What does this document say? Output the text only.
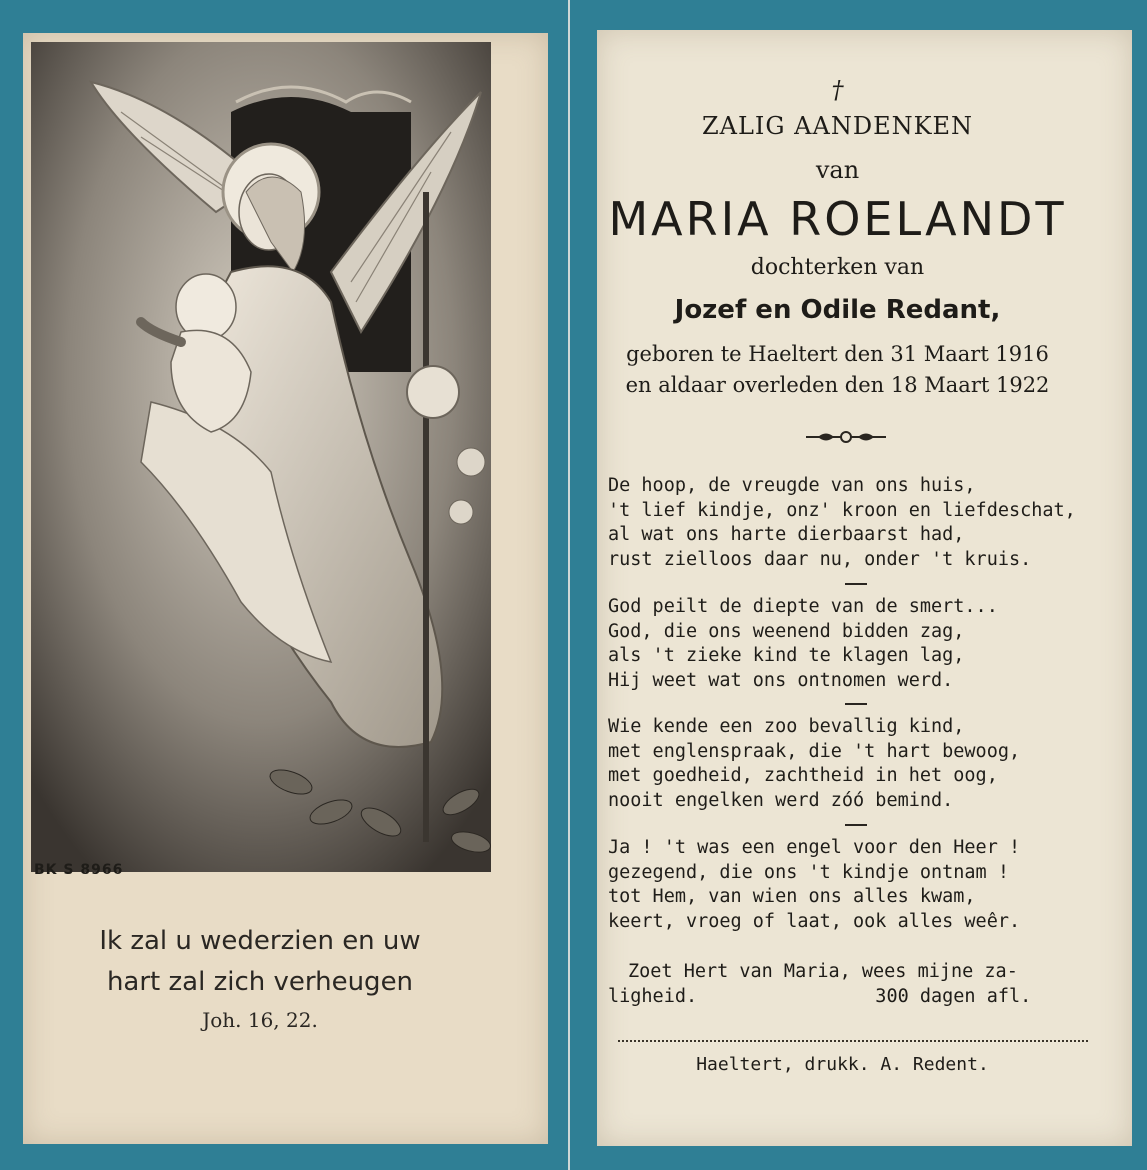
BK S 8966
Ik zal u wederzien en uw
hart zal zich verheugen
Joh. 16, 22.
†
ZALIG AANDENKEN
van
MARIA ROELANDT
dochterken van
Jozef en Odile Redant,
geboren te Haeltert den 31 Maart 1916
en aldaar overleden den 18 Maart 1922
De hoop, de vreugde van ons huis,
't lief kindje, onz' kroon en liefdeschat,
al wat ons harte dierbaarst had,
rust zielloos daar nu, onder 't kruis.
God peilt de diepte van de smert...
God, die ons weenend bidden zag,
als 't zieke kind te klagen lag,
Hij weet wat ons ontnomen werd.
Wie kende een zoo bevallig kind,
met englenspraak, die 't hart bewoog,
met goedheid, zachtheid in het oog,
nooit engelken werd zóó bemind.
Ja ! 't was een engel voor den Heer !
gezegend, die ons 't kindje ontnam !
tot Hem, van wien ons alles kwam,
keert, vroeg of laat, ook alles weêr.
Zoet Hert van Maria, wees mijne za-
ligheid.                300 dagen afl.
Haeltert, drukk. A. Redent.
